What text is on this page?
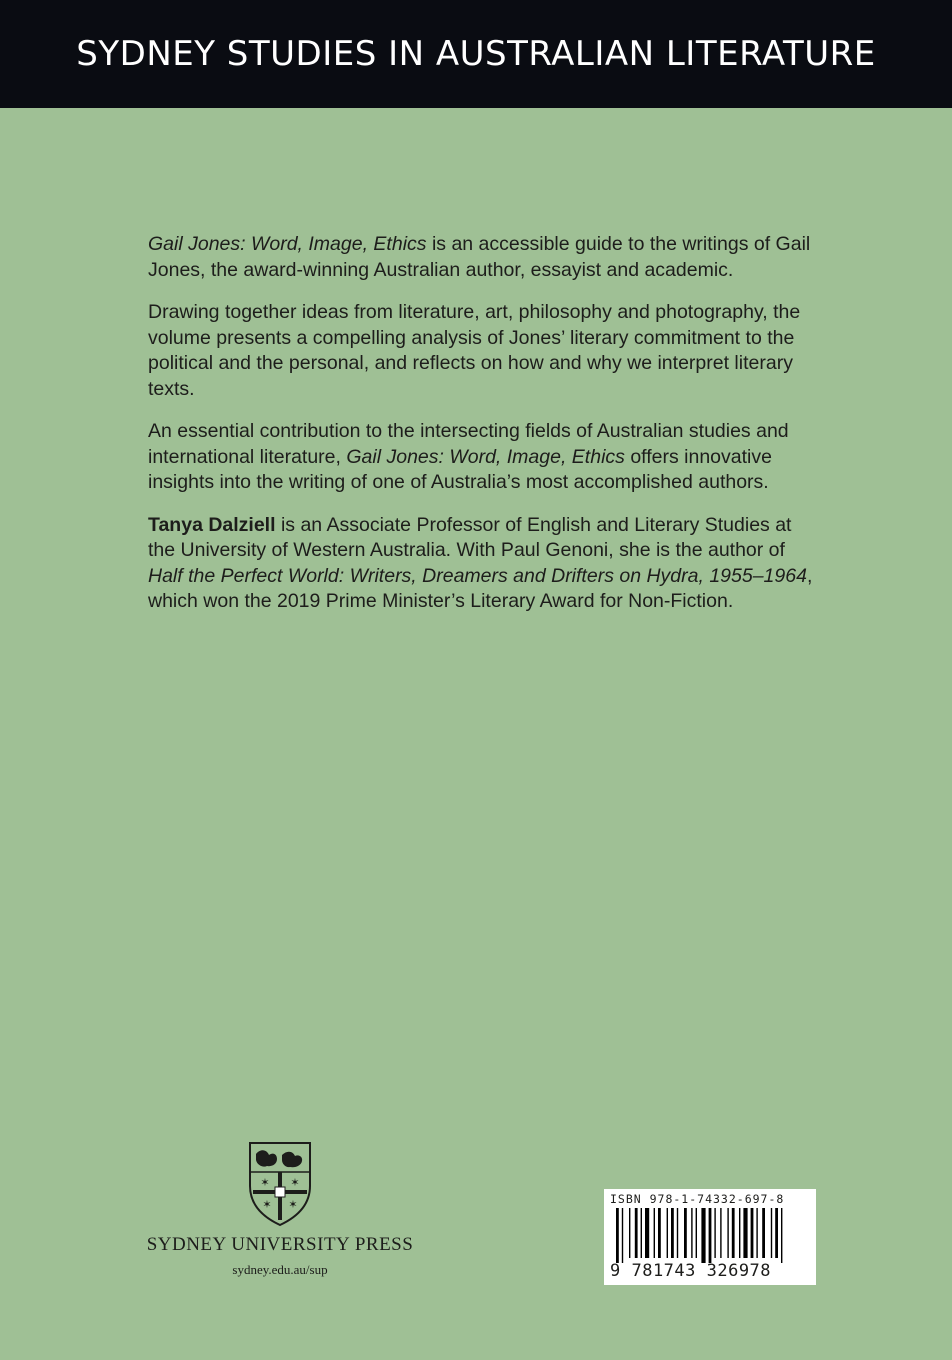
SYDNEY STUDIES IN AUSTRALIAN LITERATURE

Gail Jones: Word, Image, Ethics is an accessible guide to the writings of Gail Jones, the award-winning Australian author, essayist and academic.

Drawing together ideas from literature, art, philosophy and photography, the volume presents a compelling analysis of Jones’ literary commitment to the political and the personal, and reflects on how and why we interpret literary texts.

An essential contribution to the intersecting fields of Australian studies and international literature, Gail Jones: Word, Image, Ethics offers innovative insights into the writing of one of Australia’s most accomplished authors.

Tanya Dalziell is an Associate Professor of English and Literary Studies at the University of Western Australia. With Paul Genoni, she is the author of Half the Perfect World: Writers, Dreamers and Drifters on Hydra, 1955–1964, which won the 2019 Prime Minister’s Literary Award for Non-Fiction.

✶ ✶
✶ ✶
SYDNEY UNIVERSITY PRESS
sydney.edu.au/sup
ISBN 978-1-74332-697-8
9 781743 326978
